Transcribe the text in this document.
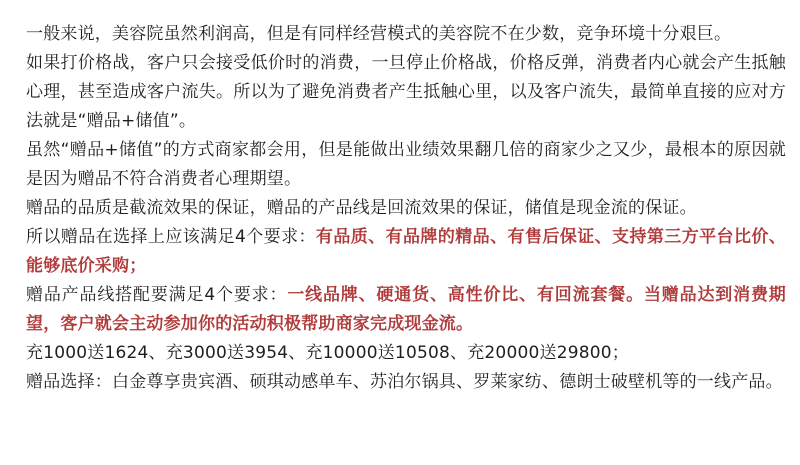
一般来说，美容院虽然利润高，但是有同样经营模式的美容院不在少数，竞争环境十分艰巨。

如果打价格战，客户只会接受低价时的消费，一旦停止价格战，价格反弹，消费者内心就会产生抵触心理，甚至造成客户流失。所以为了避免消费者产生抵触心里，以及客户流失，最简单直接的应对方法就是“赠品+储值”。

虽然“赠品+储值”的方式商家都会用，但是能做出业绩效果翻几倍的商家少之又少，最根本的原因就是因为赠品不符合消费者心理期望。

赠品的品质是截流效果的保证，赠品的产品线是回流效果的保证，储值是现金流的保证。

所以赠品在选择上应该满足4个要求：有品质、有品牌的精品、有售后保证、支持第三方平台比价、能够底价采购；

赠品产品线搭配要满足4个要求：一线品牌、硬通货、高性价比、有回流套餐。当赠品达到消费期望，客户就会主动参加你的活动积极帮助商家完成现金流。

充1000送1624、充3000送3954、充10000送10508、充20000送29800；

赠品选择：白金尊享贵宾酒、硕琪动感单车、苏泊尔锅具、罗莱家纺、德朗士破壁机等的一线产品。
